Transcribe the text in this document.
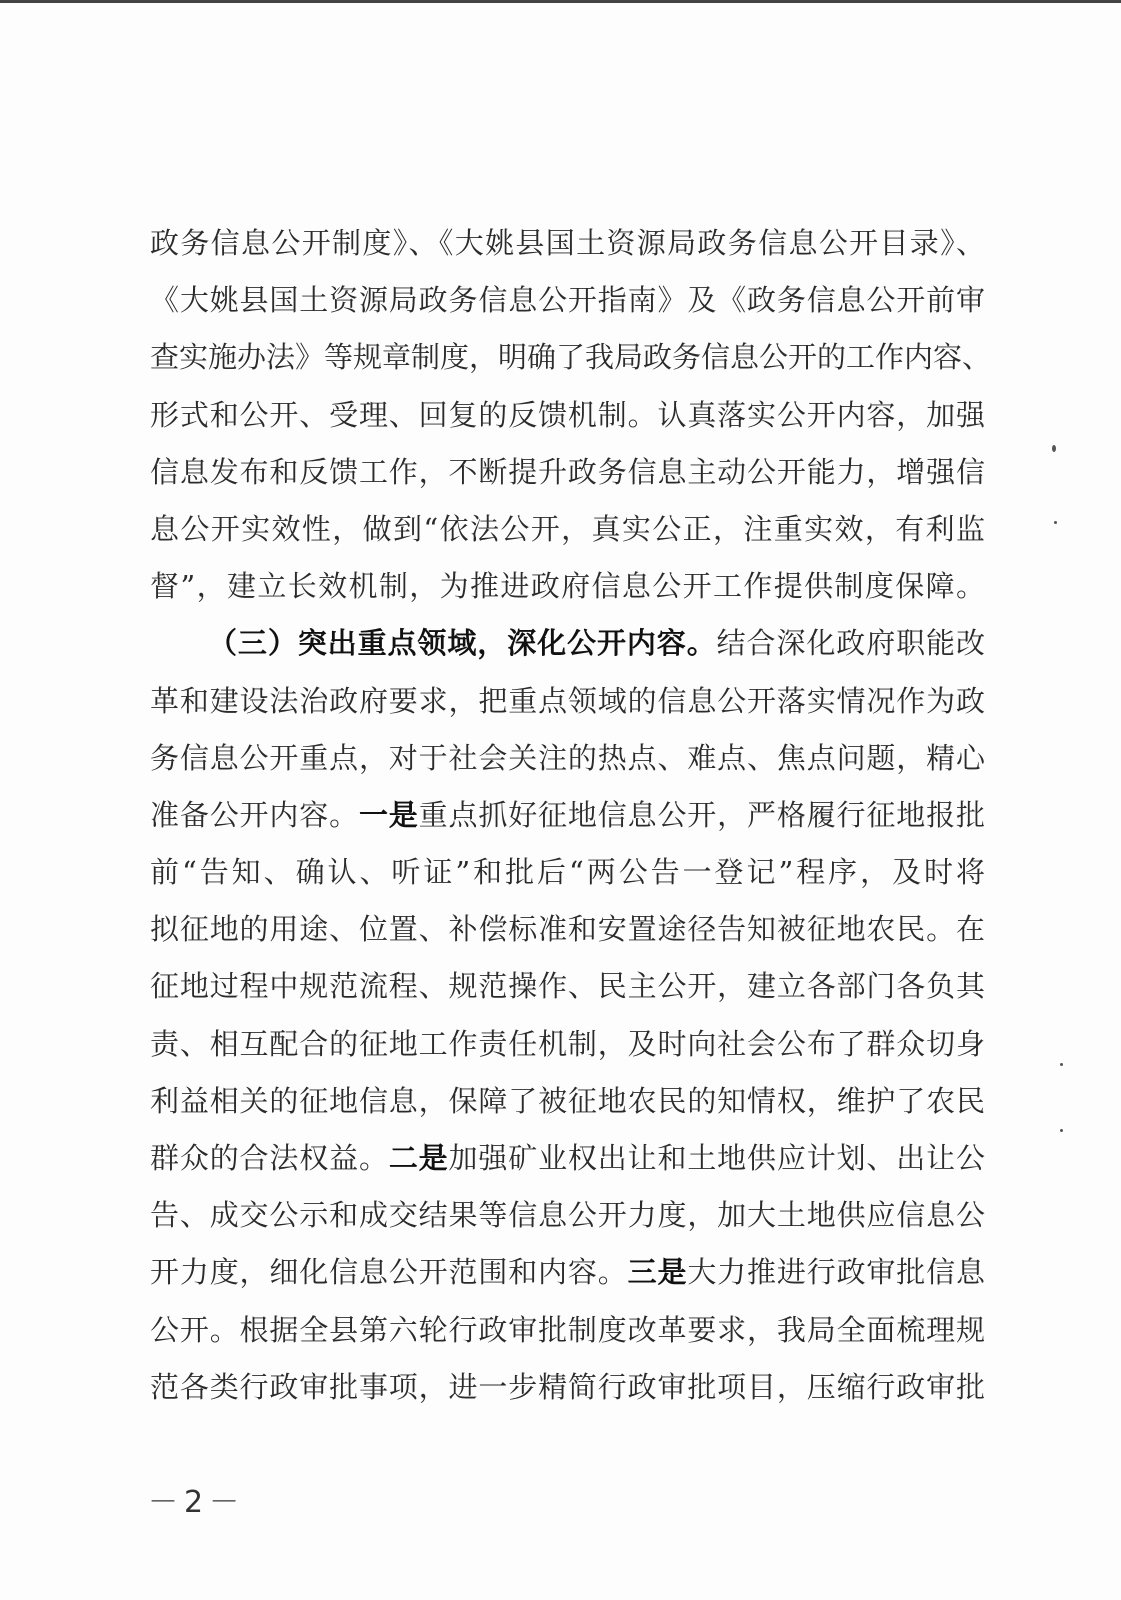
政务信息公开制度》、《大姚县国土资源局政务信息公开目录》、
《大姚县国土资源局政务信息公开指南》及《政务信息公开前审
查实施办法》等规章制度，明确了我局政务信息公开的工作内容、
形式和公开、受理、回复的反馈机制。认真落实公开内容，加强
信息发布和反馈工作，不断提升政务信息主动公开能力，增强信
息公开实效性，做到“依法公开，真实公正，注重实效，有利监
督”，建立长效机制，为推进政府信息公开工作提供制度保障。
（三）突出重点领域，深化公开内容。结合深化政府职能改
革和建设法治政府要求，把重点领域的信息公开落实情况作为政
务信息公开重点，对于社会关注的热点、难点、焦点问题，精心
准备公开内容。一是重点抓好征地信息公开，严格履行征地报批
前“告知、确认、听证”和批后“两公告一登记”程序，及时将
拟征地的用途、位置、补偿标准和安置途径告知被征地农民。在
征地过程中规范流程、规范操作、民主公开，建立各部门各负其
责、相互配合的征地工作责任机制，及时向社会公布了群众切身
利益相关的征地信息，保障了被征地农民的知情权，维护了农民
群众的合法权益。二是加强矿业权出让和土地供应计划、出让公
告、成交公示和成交结果等信息公开力度，加大土地供应信息公
开力度，细化信息公开范围和内容。三是大力推进行政审批信息
公开。根据全县第六轮行政审批制度改革要求，我局全面梳理规
范各类行政审批事项，进一步精简行政审批项目，压缩行政审批
－2－
